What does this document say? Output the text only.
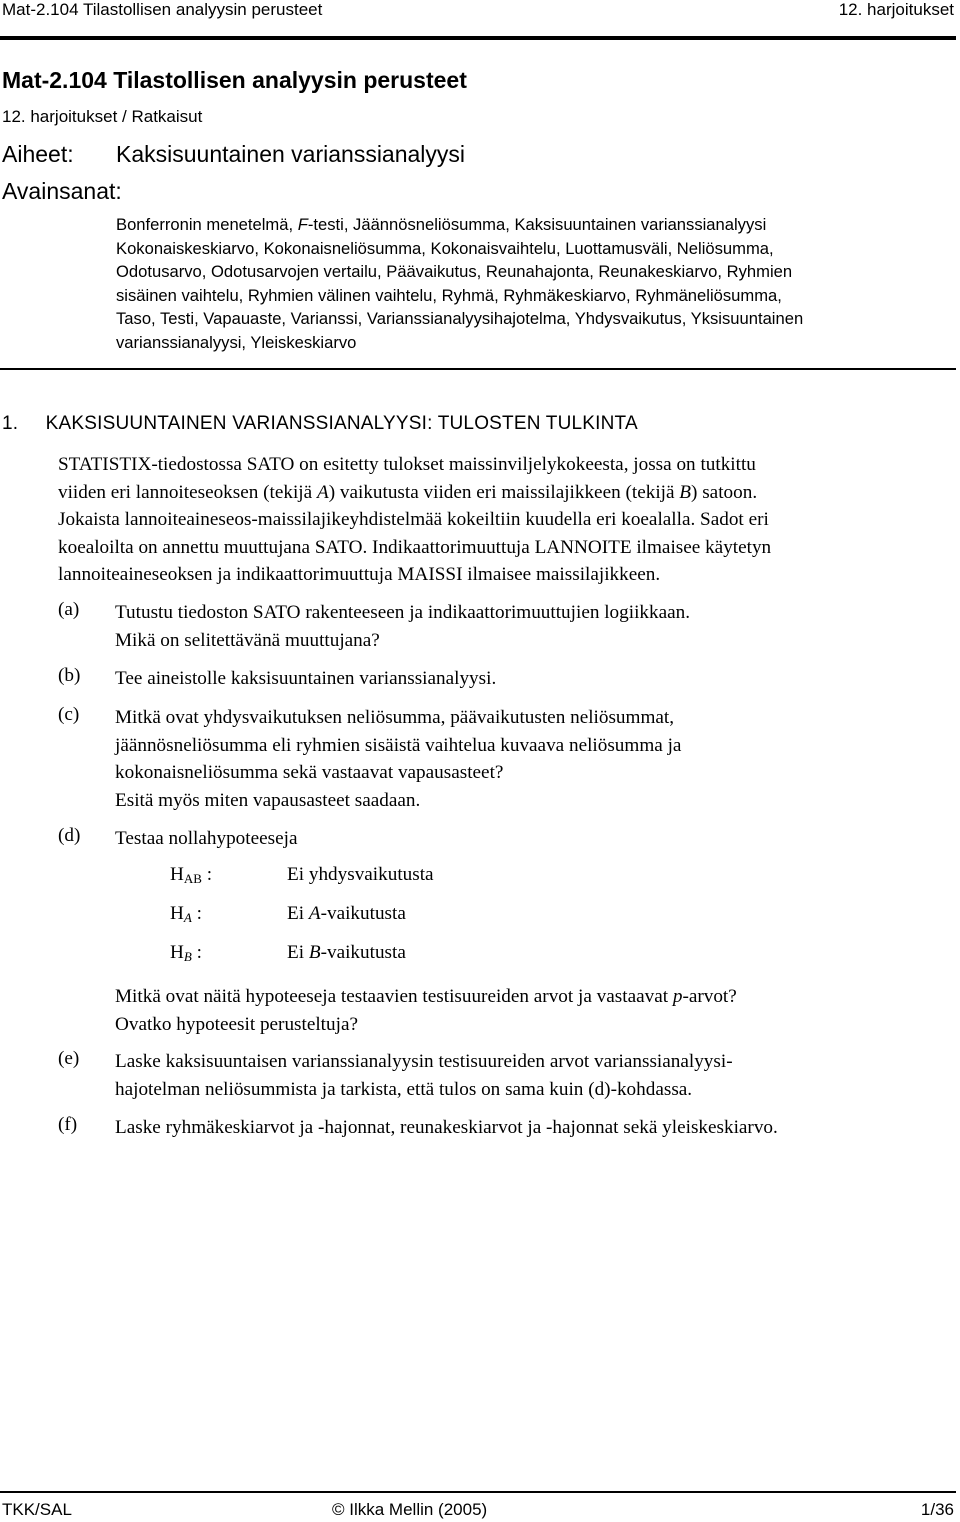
Mat-2.104 Tilastollisen analyysin perusteet	12. harjoitukset
Mat-2.104 Tilastollisen analyysin perusteet
12. harjoitukset / Ratkaisut
Aiheet: Kaksisuuntainen varianssianalyysi
Avainsanat:
Bonferronin menetelmä, F-testi, Jäännösneliösumma, Kaksisuuntainen varianssianalyysi
Kokonaiskeskiarvo, Kokonaisneliösumma, Kokonaisvaihtelu, Luottamusväli, Neliösumma,
Odotusarvo, Odotusarvojen vertailu, Päävaikutus, Reunahajonta, Reunakeskiarvo, Ryhmien
sisäinen vaihtelu, Ryhmien välinen vaihtelu, Ryhmä, Ryhmäkeskiarvo, Ryhmäneliösumma,
Taso, Testi, Vapauaste, Varianssi, Varianssianalyysihajotelma, Yhdysvaikutus, Yksisuuntainen
varianssianalyysi, Yleiskeskiarvo
1. KAKSISUUNTAINEN VARIANSSIANALYYSI: TULOSTEN TULKINTA
STATISTIX-tiedostossa SATO on esitetty tulokset maissinviljelykokeesta, jossa on tutkittu
viiden eri lannoiteseoksen (tekijä A) vaikutusta viiden eri maissilajikkeen (tekijä B) satoon.
Jokaista lannoiteaineseos-maissilajikeyhdistelmää kokeiltiin kuudella eri koealalla. Sadot eri
koealoilta on annettu muuttujana SATO. Indikaattorimuuttuja LANNOITE ilmaisee käytetyn
lannoiteaineseoksen ja indikaattorimuuttuja MAISSI ilmaisee maissilajikkeen.
(a) Tutustu tiedoston SATO rakenteeseen ja indikaattorimuuttujien logiikkaan.
Mikä on selitettävänä muuttujana?
(b) Tee aineistolle kaksisuuntainen varianssianalyysi.
(c) Mitkä ovat yhdysvaikutuksen neliösumma, päävaikutusten neliösummat,
jäännösneliösumma eli ryhmien sisäistä vaihtelua kuvaava neliösumma ja
kokonaisneliösumma sekä vastaavat vapausasteet?
Esitä myös miten vapausasteet saadaan.
(d) Testaa nollahypoteeseja
$H_{AB}$ :	Ei yhdysvaikutusta
$H_A$ :	Ei A-vaikutusta
$H_B$ :	Ei B-vaikutusta
Mitkä ovat näitä hypoteeseja testaavien testisuureiden arvot ja vastaavat p-arvot?
Ovatko hypoteesit perusteltuja?
(e) Laske kaksisuuntaisen varianssianalyysin testisuureiden arvot varianssianalyysi-
hajotelman neliösummista ja tarkista, että tulos on sama kuin (d)-kohdassa.
(f) Laske ryhmäkeskiarvot ja -hajonnat, reunakeskiarvot ja -hajonnat sekä yleiskeskiarvo.
TKK/SAL	© Ilkka Mellin (2005)	1/36
